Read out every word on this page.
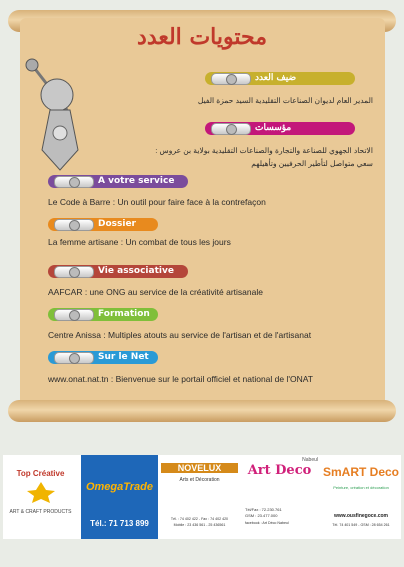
محتويات العدد
ضيف العدد
المدير العام لديوان الصناعات التقليدية السيد حمزة الفيل
مؤسسات
الاتحاد الجهوي للصناعة والتجارة والصناعات التقليدية بولاية بن عروس :
سعي متواصل لتأطير الحرفيين وتأهيلهم
A votre service
Le Code à Barre : Un outil pour faire face à la contrefaçon
Dossier
La femme artisane : Un combat de tous les jours
Vie associative
AAFCAR : une ONG au service de la créativité artisanale
Formation
Centre Anissa : Multiples atouts au service de l'artisan et de l'artisanat
Sur le Net
www.onat.nat.tn : Bienvenue sur le portail officiel et national de l'ONAT
Top Créative
ART & CRAFT PRODUCTS
OmegaTrade
Tél.: 71 713 899
NOVELUX
Arts et Décoration
Tél. : 74 402 422 - Fax : 74 402 420
Mobile : 23 436 561 - 25 436561
Art Deco
Nabeul
Tél/Fax : 72.230.761
GSM : 23.477.000
facebook : Art Déco Nabeul
SmART Deco
Peinture, création et décoration
www.ousfinegoce.com
Tél. 74 401 549 - GSM : 28 654 261
